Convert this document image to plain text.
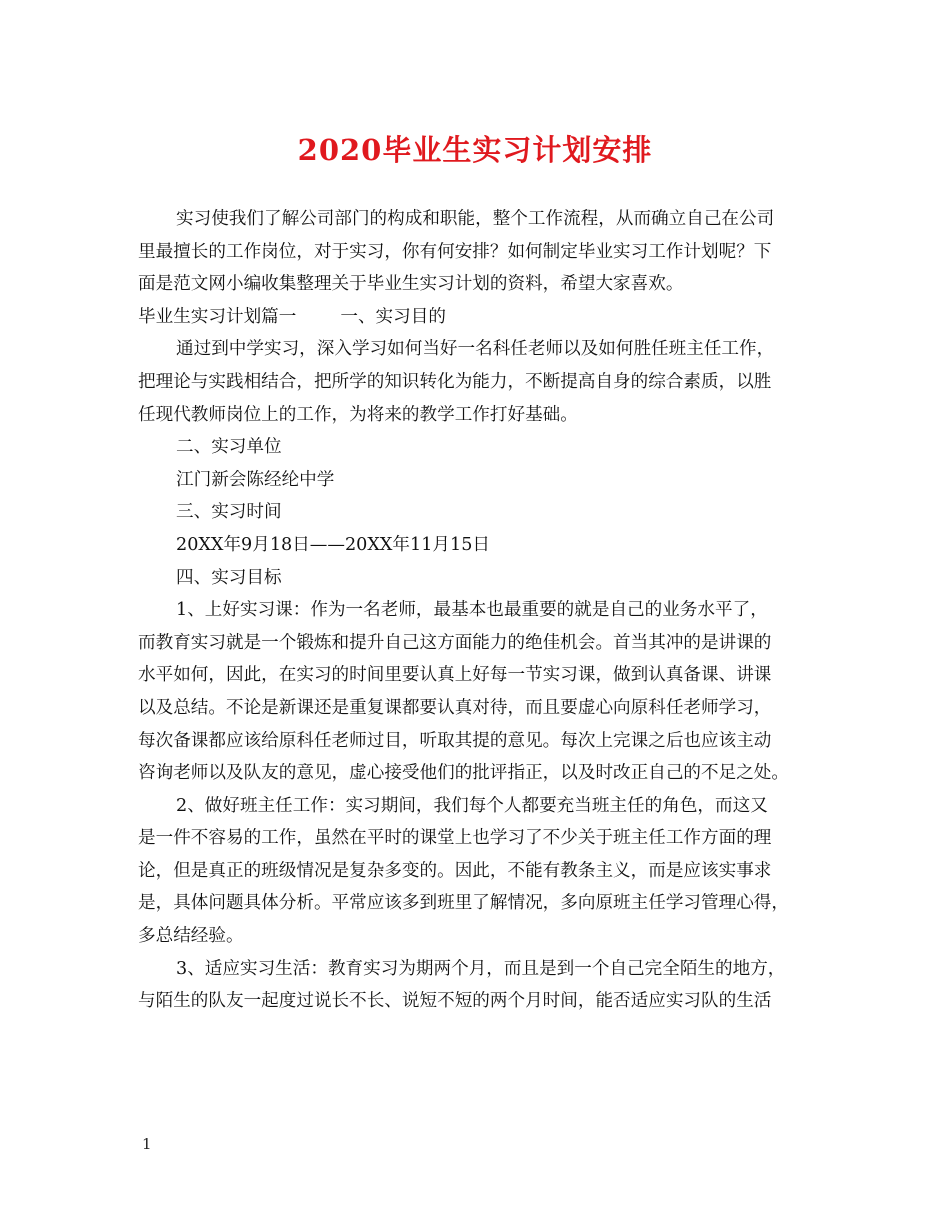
2020毕业生实习计划安排
实习使我们了解公司部门的构成和职能，整个工作流程，从而确立自己在公司
里最擅长的工作岗位，对于实习，你有何安排？如何制定毕业实习工作计划呢？下
面是范文网小编收集整理关于毕业生实习计划的资料，希望大家喜欢。
毕业生实习计划篇一	一、实习目的
通过到中学实习，深入学习如何当好一名科任老师以及如何胜任班主任工作，
把理论与实践相结合，把所学的知识转化为能力，不断提高自身的综合素质，以胜
任现代教师岗位上的工作，为将来的教学工作打好基础。
二、实习单位
江门新会陈经纶中学
三、实习时间
20XX年9月18日——20XX年11月15日
四、实习目标
1、上好实习课：作为一名老师，最基本也最重要的就是自己的业务水平了，
而教育实习就是一个锻炼和提升自己这方面能力的绝佳机会。首当其冲的是讲课的
水平如何，因此，在实习的时间里要认真上好每一节实习课，做到认真备课、讲课
以及总结。不论是新课还是重复课都要认真对待，而且要虚心向原科任老师学习，
每次备课都应该给原科任老师过目，听取其提的意见。每次上完课之后也应该主动
咨询老师以及队友的意见，虚心接受他们的批评指正，以及时改正自己的不足之处。
2、做好班主任工作：实习期间，我们每个人都要充当班主任的角色，而这又
是一件不容易的工作，虽然在平时的课堂上也学习了不少关于班主任工作方面的理
论，但是真正的班级情况是复杂多变的。因此，不能有教条主义，而是应该实事求
是，具体问题具体分析。平常应该多到班里了解情况，多向原班主任学习管理心得，
多总结经验。
3、适应实习生活：教育实习为期两个月，而且是到一个自己完全陌生的地方，
与陌生的队友一起度过说长不长、说短不短的两个月时间，能否适应实习队的生活
1
